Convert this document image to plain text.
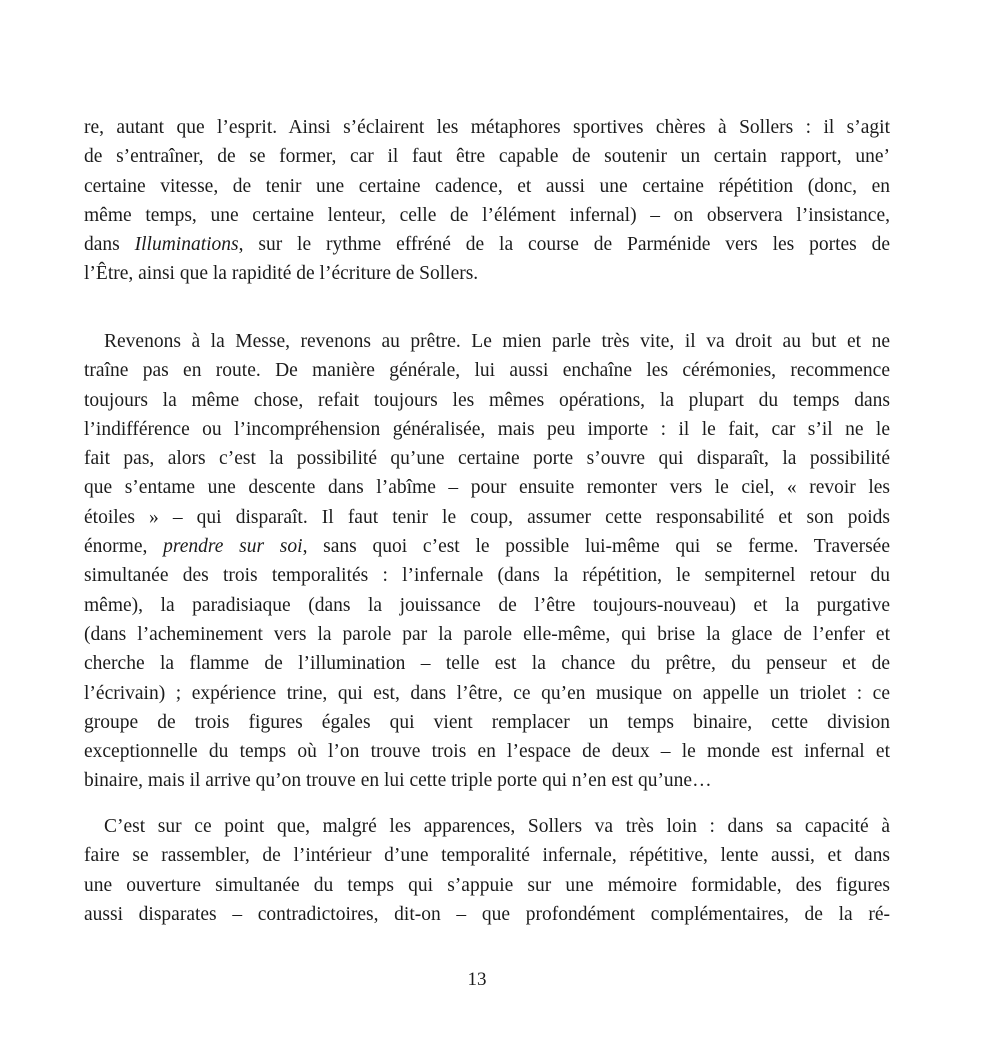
re, autant que l’esprit. Ainsi s’éclairent les métaphores sportives chères à Sollers : il s’agit
de s’entraîner, de se former, car il faut être capable de soutenir un certain rapport, une’
certaine vitesse, de tenir une certaine cadence, et aussi une certaine répétition (donc, en
même temps, une certaine lenteur, celle de l’élément infernal) – on observera l’insistance,
dans Illuminations, sur le rythme effréné de la course de Parménide vers les portes de
l’Être, ainsi que la rapidité de l’écriture de Sollers.
Revenons à la Messe, revenons au prêtre. Le mien parle très vite, il va droit au but et ne
traîne pas en route. De manière générale, lui aussi enchaîne les cérémonies, recommence
toujours la même chose, refait toujours les mêmes opérations, la plupart du temps dans
l’indifférence ou l’incompréhension généralisée, mais peu importe : il le fait, car s’il ne le
fait pas, alors c’est la possibilité qu’une certaine porte s’ouvre qui disparaît, la possibilité
que s’entame une descente dans l’abîme – pour ensuite remonter vers le ciel, « revoir les
étoiles » – qui disparaît. Il faut tenir le coup, assumer cette responsabilité et son poids
énorme, prendre sur soi, sans quoi c’est le possible lui-même qui se ferme. Traversée
simultanée des trois temporalités : l’infernale (dans la répétition, le sempiternel retour du
même), la paradisiaque (dans la jouissance de l’être toujours-nouveau) et la purgative
(dans l’acheminement vers la parole par la parole elle-même, qui brise la glace de l’enfer et
cherche la flamme de l’illumination – telle est la chance du prêtre, du penseur et de
l’écrivain) ; expérience trine, qui est, dans l’être, ce qu’en musique on appelle un triolet : ce
groupe de trois figures égales qui vient remplacer un temps binaire, cette division
exceptionnelle du temps où l’on trouve trois en l’espace de deux – le monde est infernal et
binaire, mais il arrive qu’on trouve en lui cette triple porte qui n’en est qu’une…
C’est sur ce point que, malgré les apparences, Sollers va très loin : dans sa capacité à
faire se rassembler, de l’intérieur d’une temporalité infernale, répétitive, lente aussi, et dans
une ouverture simultanée du temps qui s’appuie sur une mémoire formidable, des figures
aussi disparates – contradictoires, dit-on – que profondément complémentaires, de la ré-
13
